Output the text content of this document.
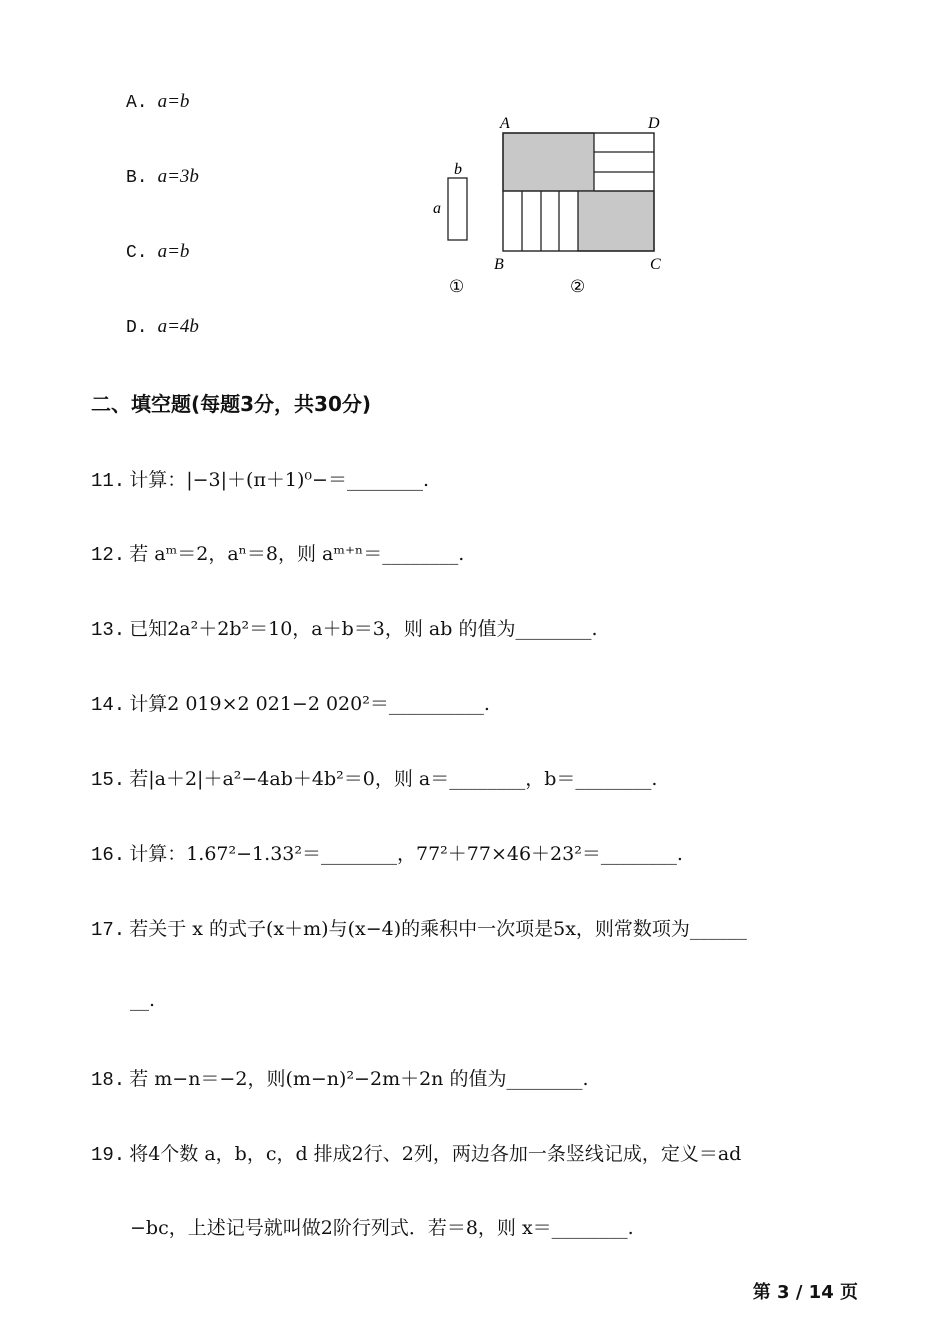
A. a=b
B. a=3b
C. a=b
D. a=4b
a
b
A	D
B	C
①	②
二、填空题(每题3分，共30分)
11. 计算：|−3|＋(π＋1)⁰−＝________.
12. 若 aᵐ＝2，aⁿ＝8，则 aᵐ⁺ⁿ＝________.
13. 已知2a²＋2b²＝10，a＋b＝3，则 ab 的值为________.
14. 计算2 019×2 021−2 020²＝__________.
15. 若|a＋2|＋a²−4ab＋4b²＝0，则 a＝________，b＝________.
16. 计算：1.67²−1.33²＝________，77²＋77×46＋23²＝________.
17. 若关于 x 的式子(x＋m)与(x−4)的乘积中一次项是5x，则常数项为______
__.
18. 若 m−n＝−2，则(m−n)²−2m＋2n 的值为________.
19. 将4个数 a，b，c，d 排成2行、2列，两边各加一条竖线记成，定义＝ad
−bc，上述记号就叫做2阶行列式．若＝8，则 x＝________.
第 3 / 14 页
